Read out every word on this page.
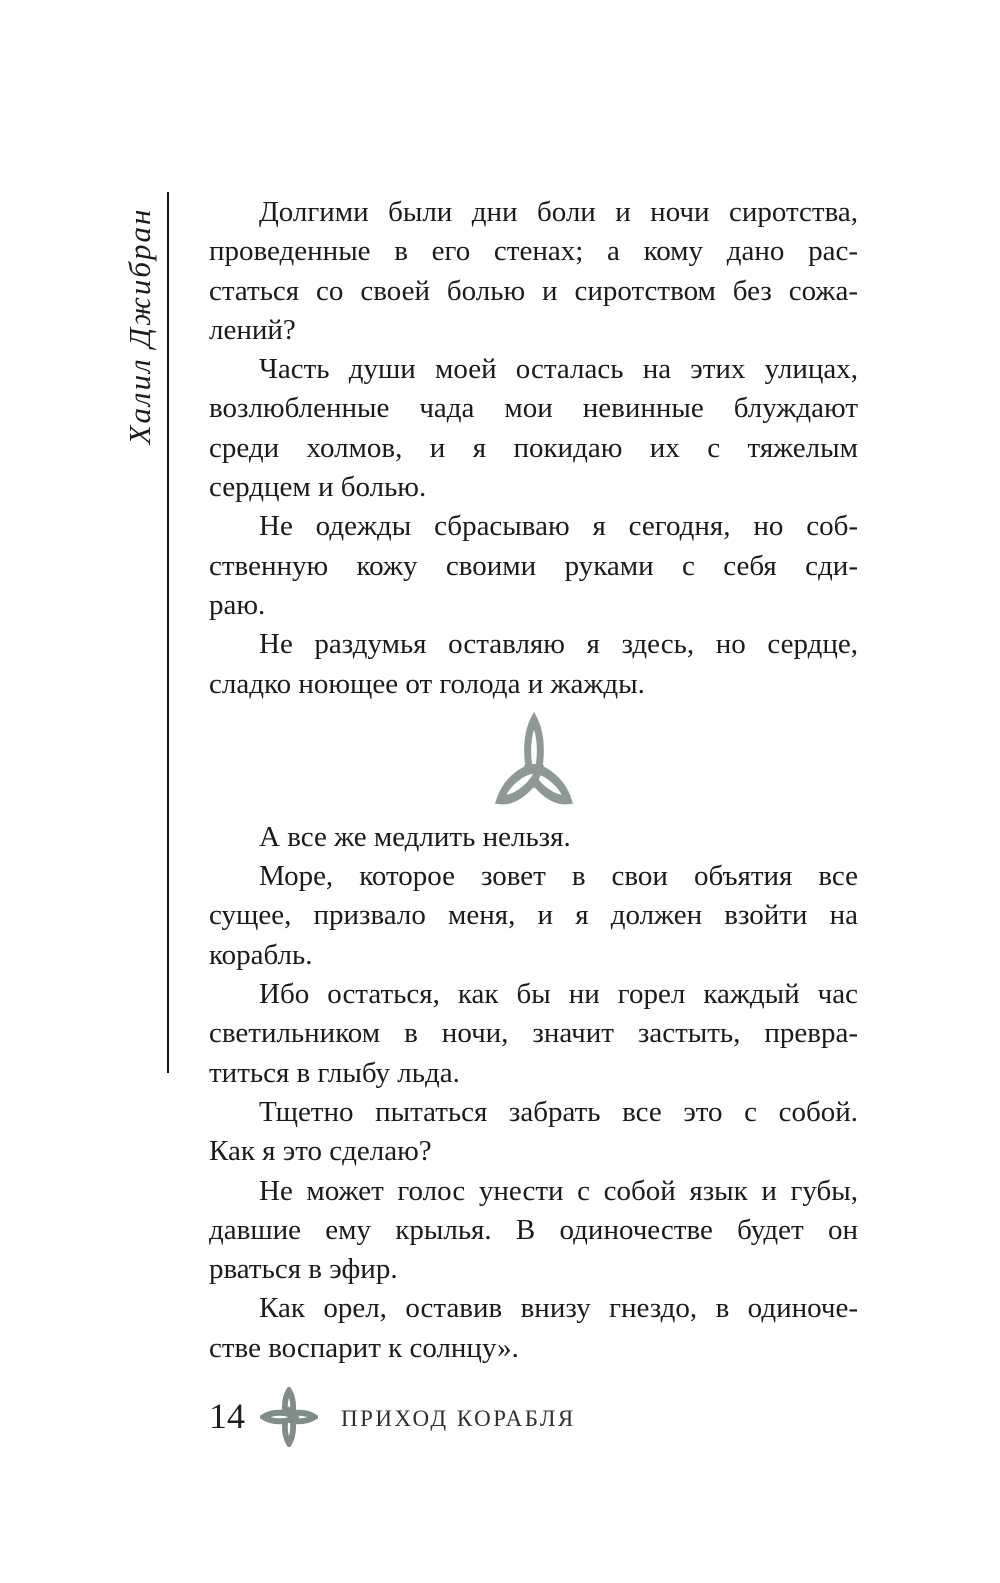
Халил Джибран	Долгими были дни боли и ночи сиротства,
проведенные в его стенах; а кому дано рас-
статься со своей болью и сиротством без сожа-
лений?
Часть души моей осталась на этих улицах,
возлюбленные чада мои невинные блуждают
среди холмов, и я покидаю их с тяжелым
сердцем и болью.
Не одежды сбрасываю я сегодня, но соб-
ственную кожу своими руками с себя сди-
раю.
Не раздумья оставляю я здесь, но сердце,
сладко ноющее от голода и жажды.
А все же медлить нельзя.
Море, которое зовет в свои объятия все
сущее, призвало меня, и я должен взойти на
корабль.
Ибо остаться, как бы ни горел каждый час
светильником в ночи, значит застыть, превра-
титься в глыбу льда.
Тщетно пытаться забрать все это с собой.
Как я это сделаю?
Не может голос унести с собой язык и губы,
давшие ему крылья. В одиночестве будет он
рваться в эфир.
Как орел, оставив внизу гнездо, в одиноче-
стве воспарит к солнцу».
14	ПРИХОД КОРАБЛЯ
